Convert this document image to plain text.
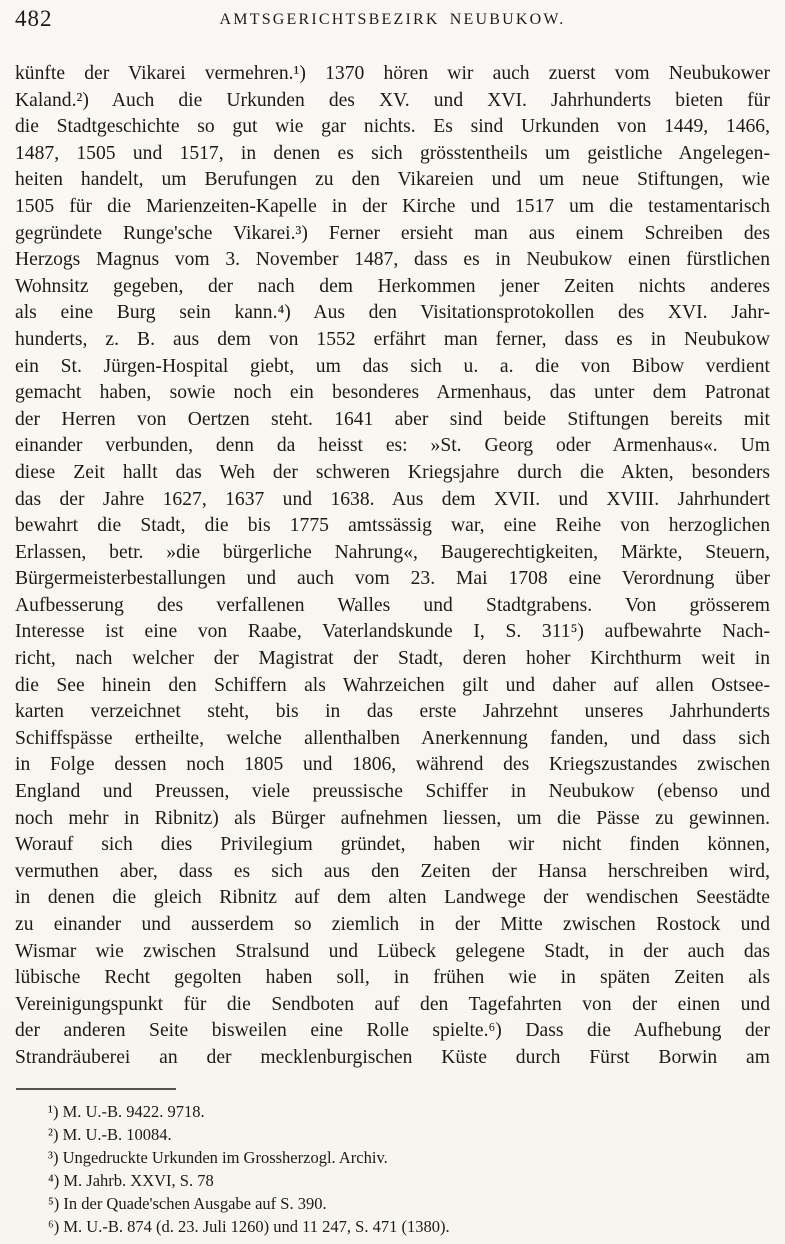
482	AMTSGERICHTSBEZIRK NEUBUKOW.
künfte der Vikarei vermehren.¹) 1370 hören wir auch zuerst vom Neubukower
Kaland.²) Auch die Urkunden des XV. und XVI. Jahrhunderts bieten für
die Stadtgeschichte so gut wie gar nichts. Es sind Urkunden von 1449, 1466,
1487, 1505 und 1517, in denen es sich grösstentheils um geistliche Angelegen-
heiten handelt, um Berufungen zu den Vikareien und um neue Stiftungen, wie
1505 für die Marienzeiten-Kapelle in der Kirche und 1517 um die testamentarisch
gegründete Runge'sche Vikarei.³) Ferner ersieht man aus einem Schreiben des
Herzogs Magnus vom 3. November 1487, dass es in Neubukow einen fürstlichen
Wohnsitz gegeben, der nach dem Herkommen jener Zeiten nichts anderes
als eine Burg sein kann.⁴) Aus den Visitationsprotokollen des XVI. Jahr-
hunderts, z. B. aus dem von 1552 erfährt man ferner, dass es in Neubukow
ein St. Jürgen-Hospital giebt, um das sich u. a. die von Bibow verdient
gemacht haben, sowie noch ein besonderes Armenhaus, das unter dem Patronat
der Herren von Oertzen steht. 1641 aber sind beide Stiftungen bereits mit
einander verbunden, denn da heisst es: »St. Georg oder Armenhaus«. Um
diese Zeit hallt das Weh der schweren Kriegsjahre durch die Akten, besonders
das der Jahre 1627, 1637 und 1638. Aus dem XVII. und XVIII. Jahrhundert
bewahrt die Stadt, die bis 1775 amtssässig war, eine Reihe von herzoglichen
Erlassen, betr. »die bürgerliche Nahrung«, Baugerechtigkeiten, Märkte, Steuern,
Bürgermeisterbestallungen und auch vom 23. Mai 1708 eine Verordnung über
Aufbesserung des verfallenen Walles und Stadtgrabens. Von grösserem
Interesse ist eine von Raabe, Vaterlandskunde I, S. 311⁵) aufbewahrte Nach-
richt, nach welcher der Magistrat der Stadt, deren hoher Kirchthurm weit in
die See hinein den Schiffern als Wahrzeichen gilt und daher auf allen Ostsee-
karten verzeichnet steht, bis in das erste Jahrzehnt unseres Jahrhunderts
Schiffspässe ertheilte, welche allenthalben Anerkennung fanden, und dass sich
in Folge dessen noch 1805 und 1806, während des Kriegszustandes zwischen
England und Preussen, viele preussische Schiffer in Neubukow (ebenso und
noch mehr in Ribnitz) als Bürger aufnehmen liessen, um die Pässe zu gewinnen.
Worauf sich dies Privilegium gründet, haben wir nicht finden können,
vermuthen aber, dass es sich aus den Zeiten der Hansa herschreiben wird,
in denen die gleich Ribnitz auf dem alten Landwege der wendischen Seestädte
zu einander und ausserdem so ziemlich in der Mitte zwischen Rostock und
Wismar wie zwischen Stralsund und Lübeck gelegene Stadt, in der auch das
lübische Recht gegolten haben soll, in frühen wie in späten Zeiten als
Vereinigungspunkt für die Sendboten auf den Tagefahrten von der einen und
der anderen Seite bisweilen eine Rolle spielte.⁶) Dass die Aufhebung der
Strandräuberei an der mecklenburgischen Küste durch Fürst Borwin am
¹) M. U.-B. 9422. 9718.
²) M. U.-B. 10084.
³) Ungedruckte Urkunden im Grossherzogl. Archiv.
⁴) M. Jahrb. XXVI, S. 78
⁵) In der Quade'schen Ausgabe auf S. 390.
⁶) M. U.-B. 874 (d. 23. Juli 1260) und 11 247, S. 471 (1380).
